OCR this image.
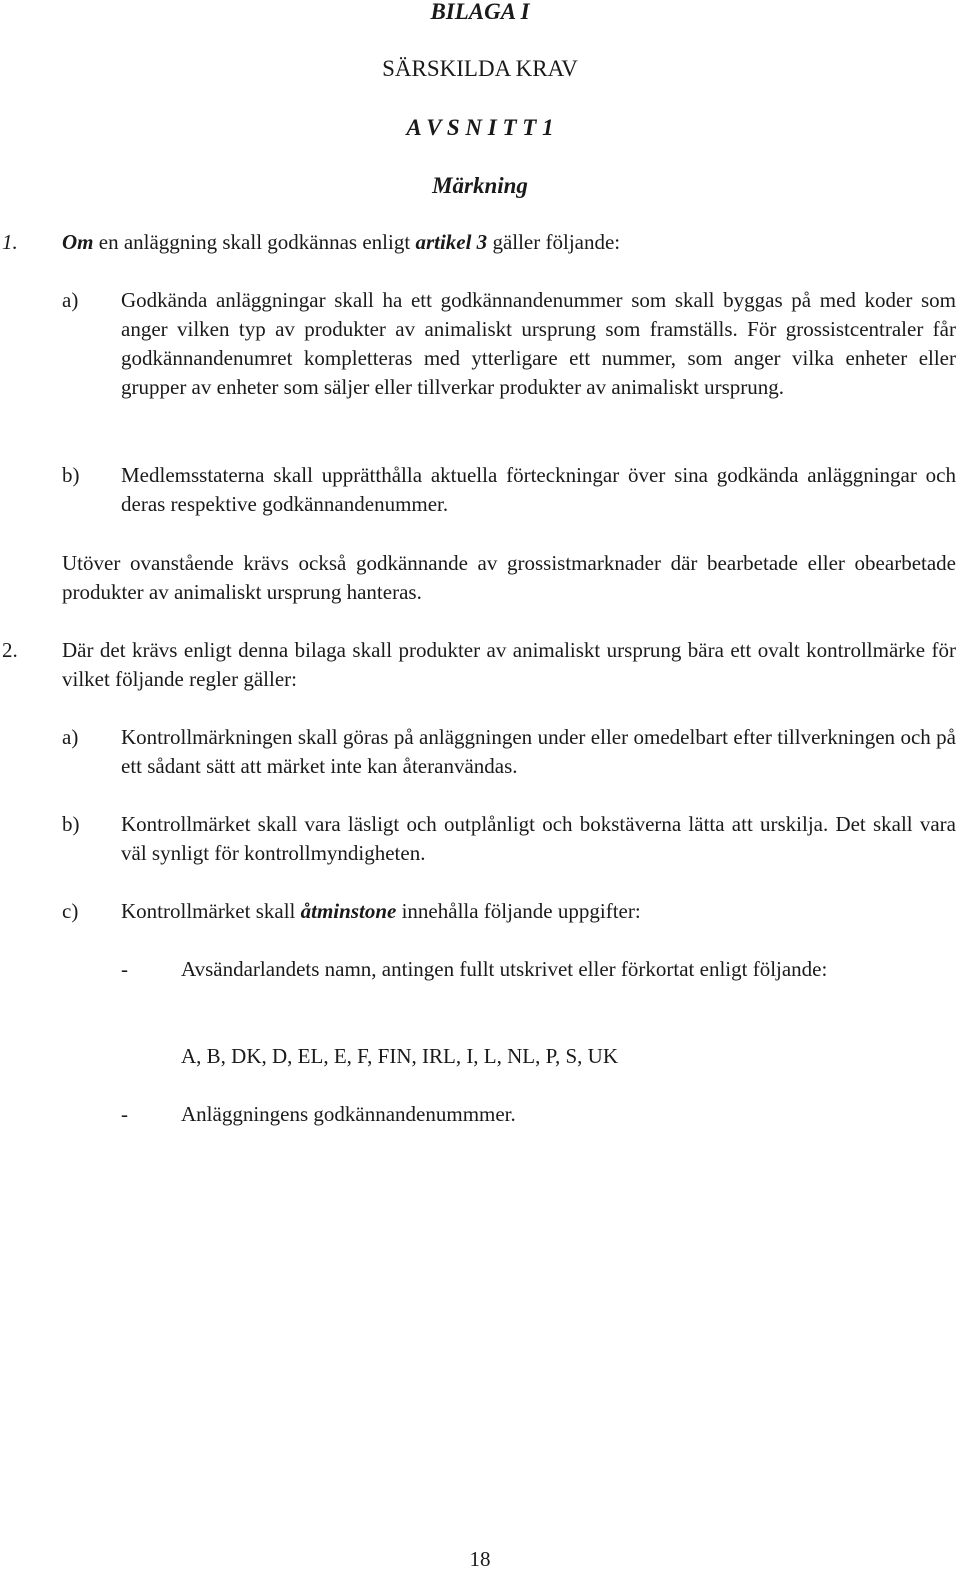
BILAGA I
SÄRSKILDA KRAV
A V S N I T T 1
Märkning
1. Om en anläggning skall godkännas enligt artikel 3 gäller följande:
a) Godkända anläggningar skall ha ett godkännandenummer som skall byggas på med koder som anger vilken typ av produkter av animaliskt ursprung som framställs. För grossistcentraler får godkännandenumret kompletteras med ytterligare ett nummer, som anger vilka enheter eller grupper av enheter som säljer eller tillverkar produkter av animaliskt ursprung.
b) Medlemsstaterna skall upprätthålla aktuella förteckningar över sina godkända anläggningar och deras respektive godkännandenummer.
Utöver ovanstående krävs också godkännande av grossistmarknader där bearbetade eller obearbetade produkter av animaliskt ursprung hanteras.
2. Där det krävs enligt denna bilaga skall produkter av animaliskt ursprung bära ett ovalt kontrollmärke för vilket följande regler gäller:
a) Kontrollmärkningen skall göras på anläggningen under eller omedelbart efter tillverkningen och på ett sådant sätt att märket inte kan återanvändas.
b) Kontrollmärket skall vara läsligt och outplånligt och bokstäverna lätta att urskilja. Det skall vara väl synligt för kontrollmyndigheten.
c) Kontrollmärket skall åtminstone innehålla följande uppgifter:
-	Avsändarlandets namn, antingen fullt utskrivet eller förkortat enligt följande:
A, B, DK, D, EL, E, F, FIN, IRL, I, L, NL, P, S, UK
-	Anläggningens godkännandenummmer.
18
